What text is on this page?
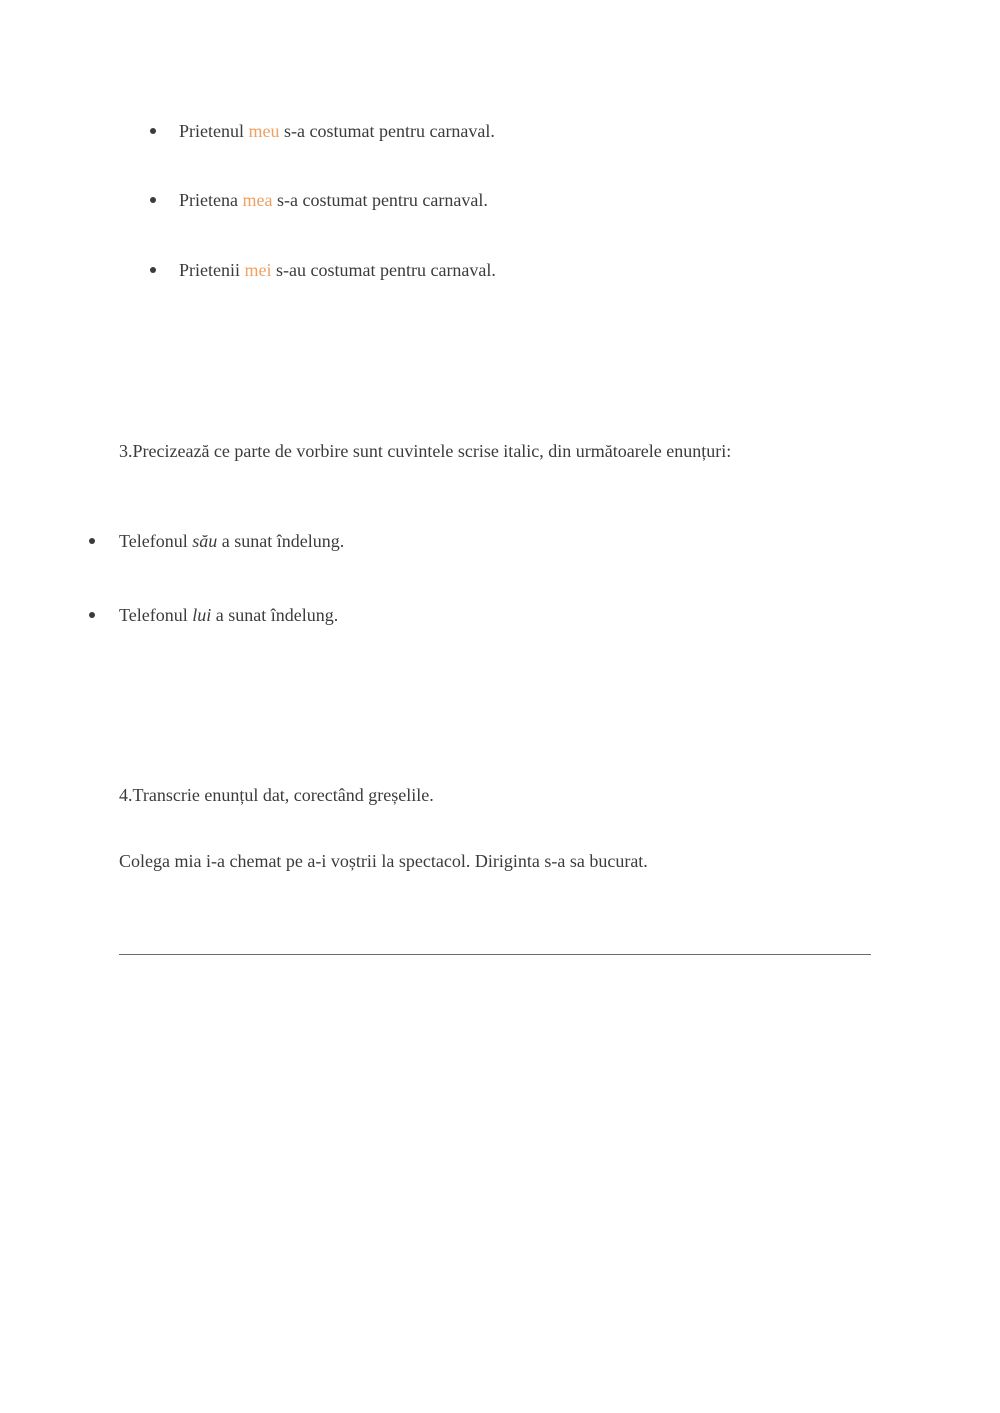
Prietenul meu s-a costumat pentru carnaval.
Prietena mea s-a costumat pentru carnaval.
Prietenii mei s-au costumat pentru carnaval.
3.Precizează ce parte de vorbire sunt cuvintele scrise italic, din următoarele enunțuri:
Telefonul său a sunat îndelung.
Telefonul lui a sunat îndelung.
4.Transcrie enunțul dat, corectând greșelile.
Colega mia i-a chemat pe a-i voștrii la spectacol. Diriginta s-a sa bucurat.
